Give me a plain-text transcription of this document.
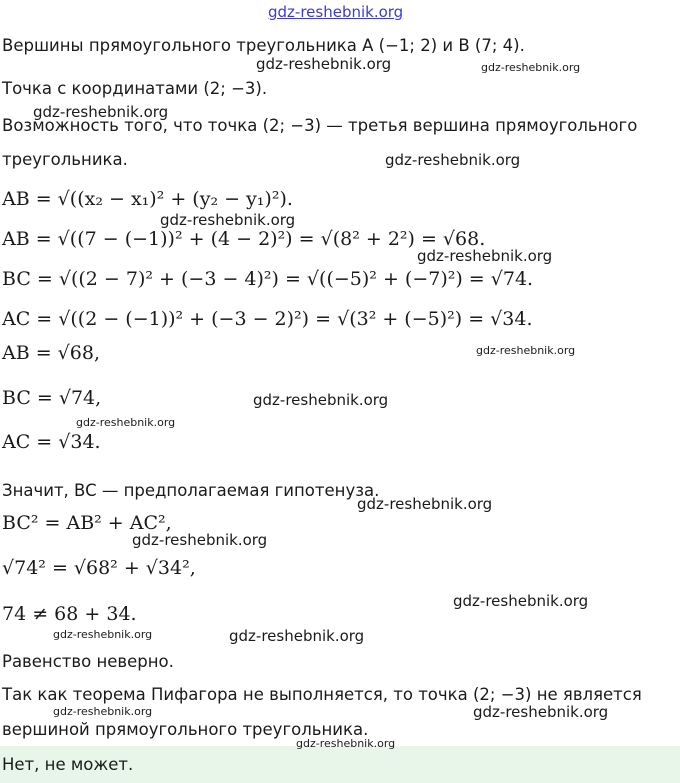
gdz-reshebnik.org
Вершины прямоугольного треугольника A (−1; 2) и B (7; 4).
Точка с координатами (2; −3).
Возможность того, что точка (2; −3) — третья вершина прямоугольного
треугольника.
AB = √((x₂ − x₁)² + (y₂ − y₁)²).
AB = √((7 − (−1))² + (4 − 2)²) = √(8² + 2²) = √68.
BC = √((2 − 7)² + (−3 − 4)²) = √((−5)² + (−7)²) = √74.
AC = √((2 − (−1))² + (−3 − 2)²) = √(3² + (−5)²) = √34.
AB = √68,
BC = √74,
AC = √34.
Значит, BC — предполагаемая гипотенуза.
BC² = AB² + AC²,
√74² = √68² + √34²,
74 ≠ 68 + 34.
Равенство неверно.
Так как теорема Пифагора не выполняется, то точка (2; −3) не является
вершиной прямоугольного треугольника.
Нет, не может.
gdz-reshebnik.org	gdz-reshebnik.org
gdz-reshebnik.org
gdz-reshebnik.org
gdz-reshebnik.org
gdz-reshebnik.org
gdz-reshebnik.org
gdz-reshebnik.org
gdz-reshebnik.org
gdz-reshebnik.org
gdz-reshebnik.org
gdz-reshebnik.org
gdz-reshebnik.org	gdz-reshebnik.org
gdz-reshebnik.org	gdz-reshebnik.org
gdz-reshebnik.org
